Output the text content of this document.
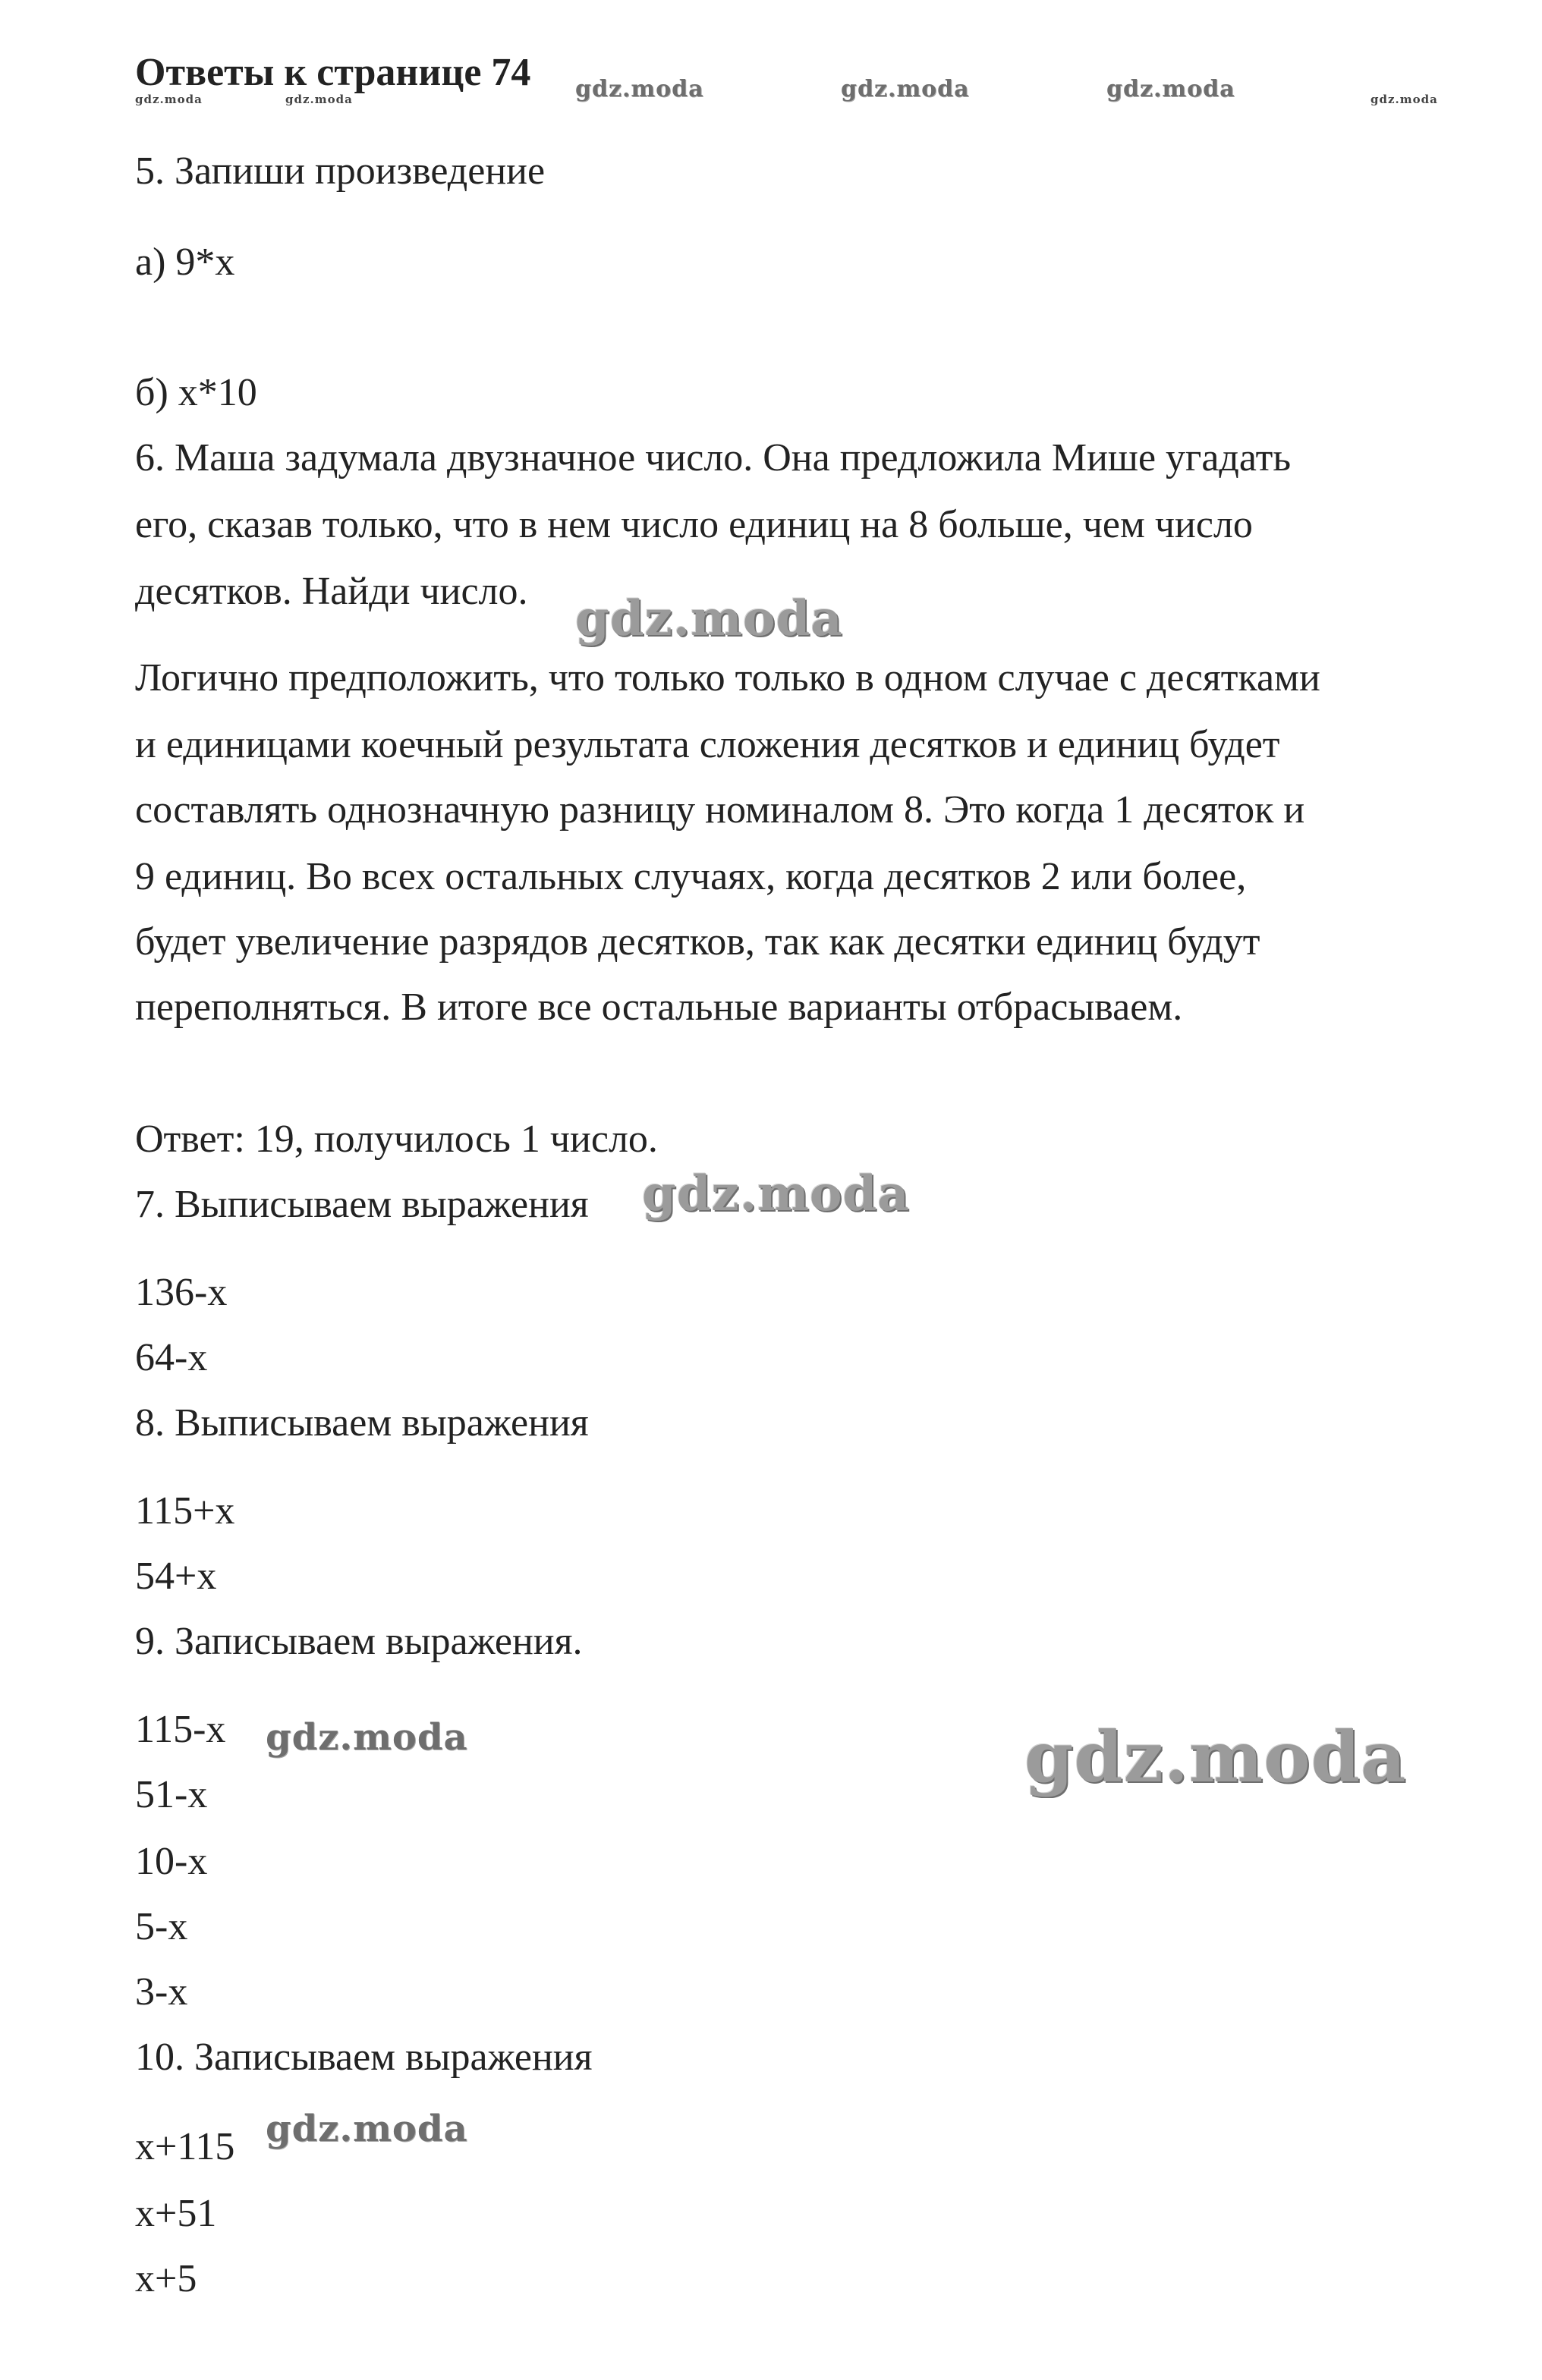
Ответы к странице 74
gdz.moda	gdz.moda	gdz.moda	gdz.moda	gdz.moda	gdz.moda
5. Запиши произведение
а) 9*х
б) х*10
6. Маша задумала двузначное число. Она предложила Мише угадать
его, сказав только, что в нем число единиц на 8 больше, чем число
десятков. Найди число. gdz.moda
Логично предположить, что только только в одном случае с десятками
и единицами коечный результата сложения десятков и единиц будет
составлять однозначную разницу номиналом 8. Это когда 1 десяток и
9 единиц. Во всех остальных случаях, когда десятков 2 или более,
будет увеличение разрядов десятков, так как десятки единиц будут
переполняться. В итоге все остальные варианты отбрасываем.
Ответ: 19, получилось 1 число.
7. Выписываем выражения gdz.moda
136-х
64-х
8. Выписываем выражения
115+х
54+х
9. Записываем выражения.
115-х gdz.moda	gdz.moda
51-х
10-х
5-х
3-х
10. Записываем выражения
х+115 gdz.moda
х+51
х+5
